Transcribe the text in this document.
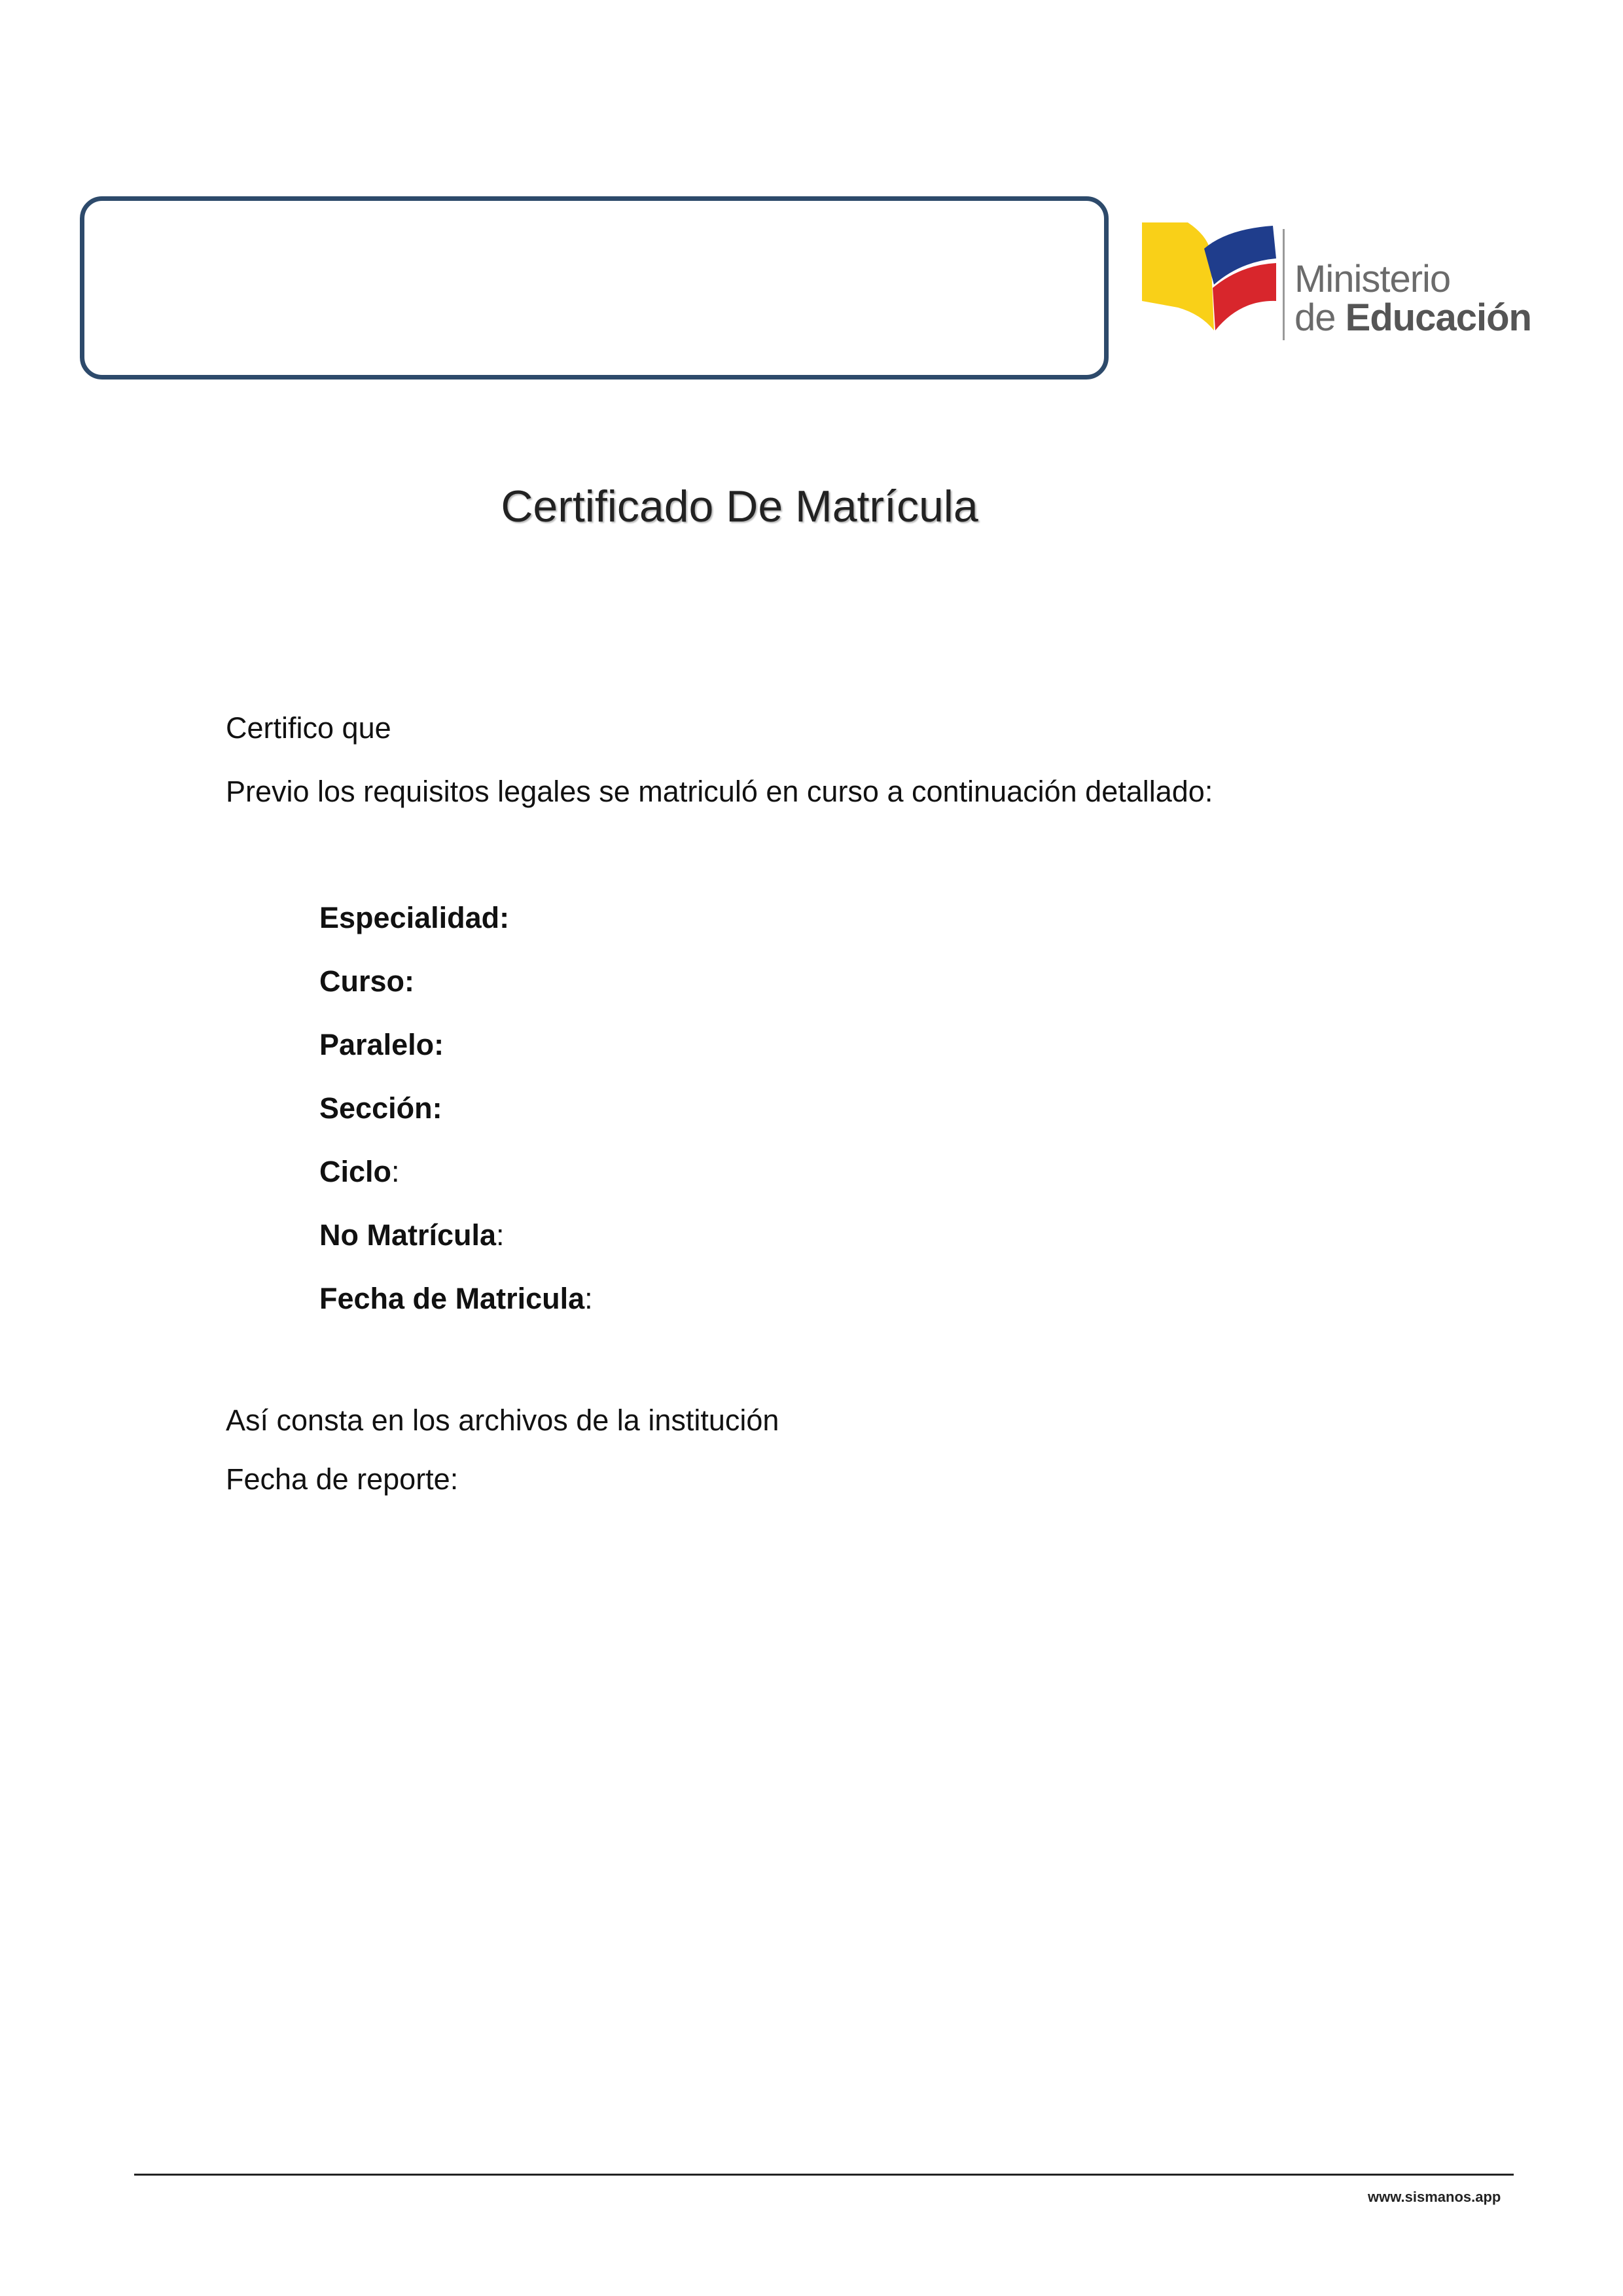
Ministerio
de Educación
Certificado De Matrícula
Certifico que
Previo los requisitos legales se matriculó en curso a continuación detallado:
Especialidad:
Curso:
Paralelo:
Sección:
Ciclo:
No Matrícula:
Fecha de Matricula:
Así consta en los archivos de la institución
Fecha de reporte:
www.sismanos.app
